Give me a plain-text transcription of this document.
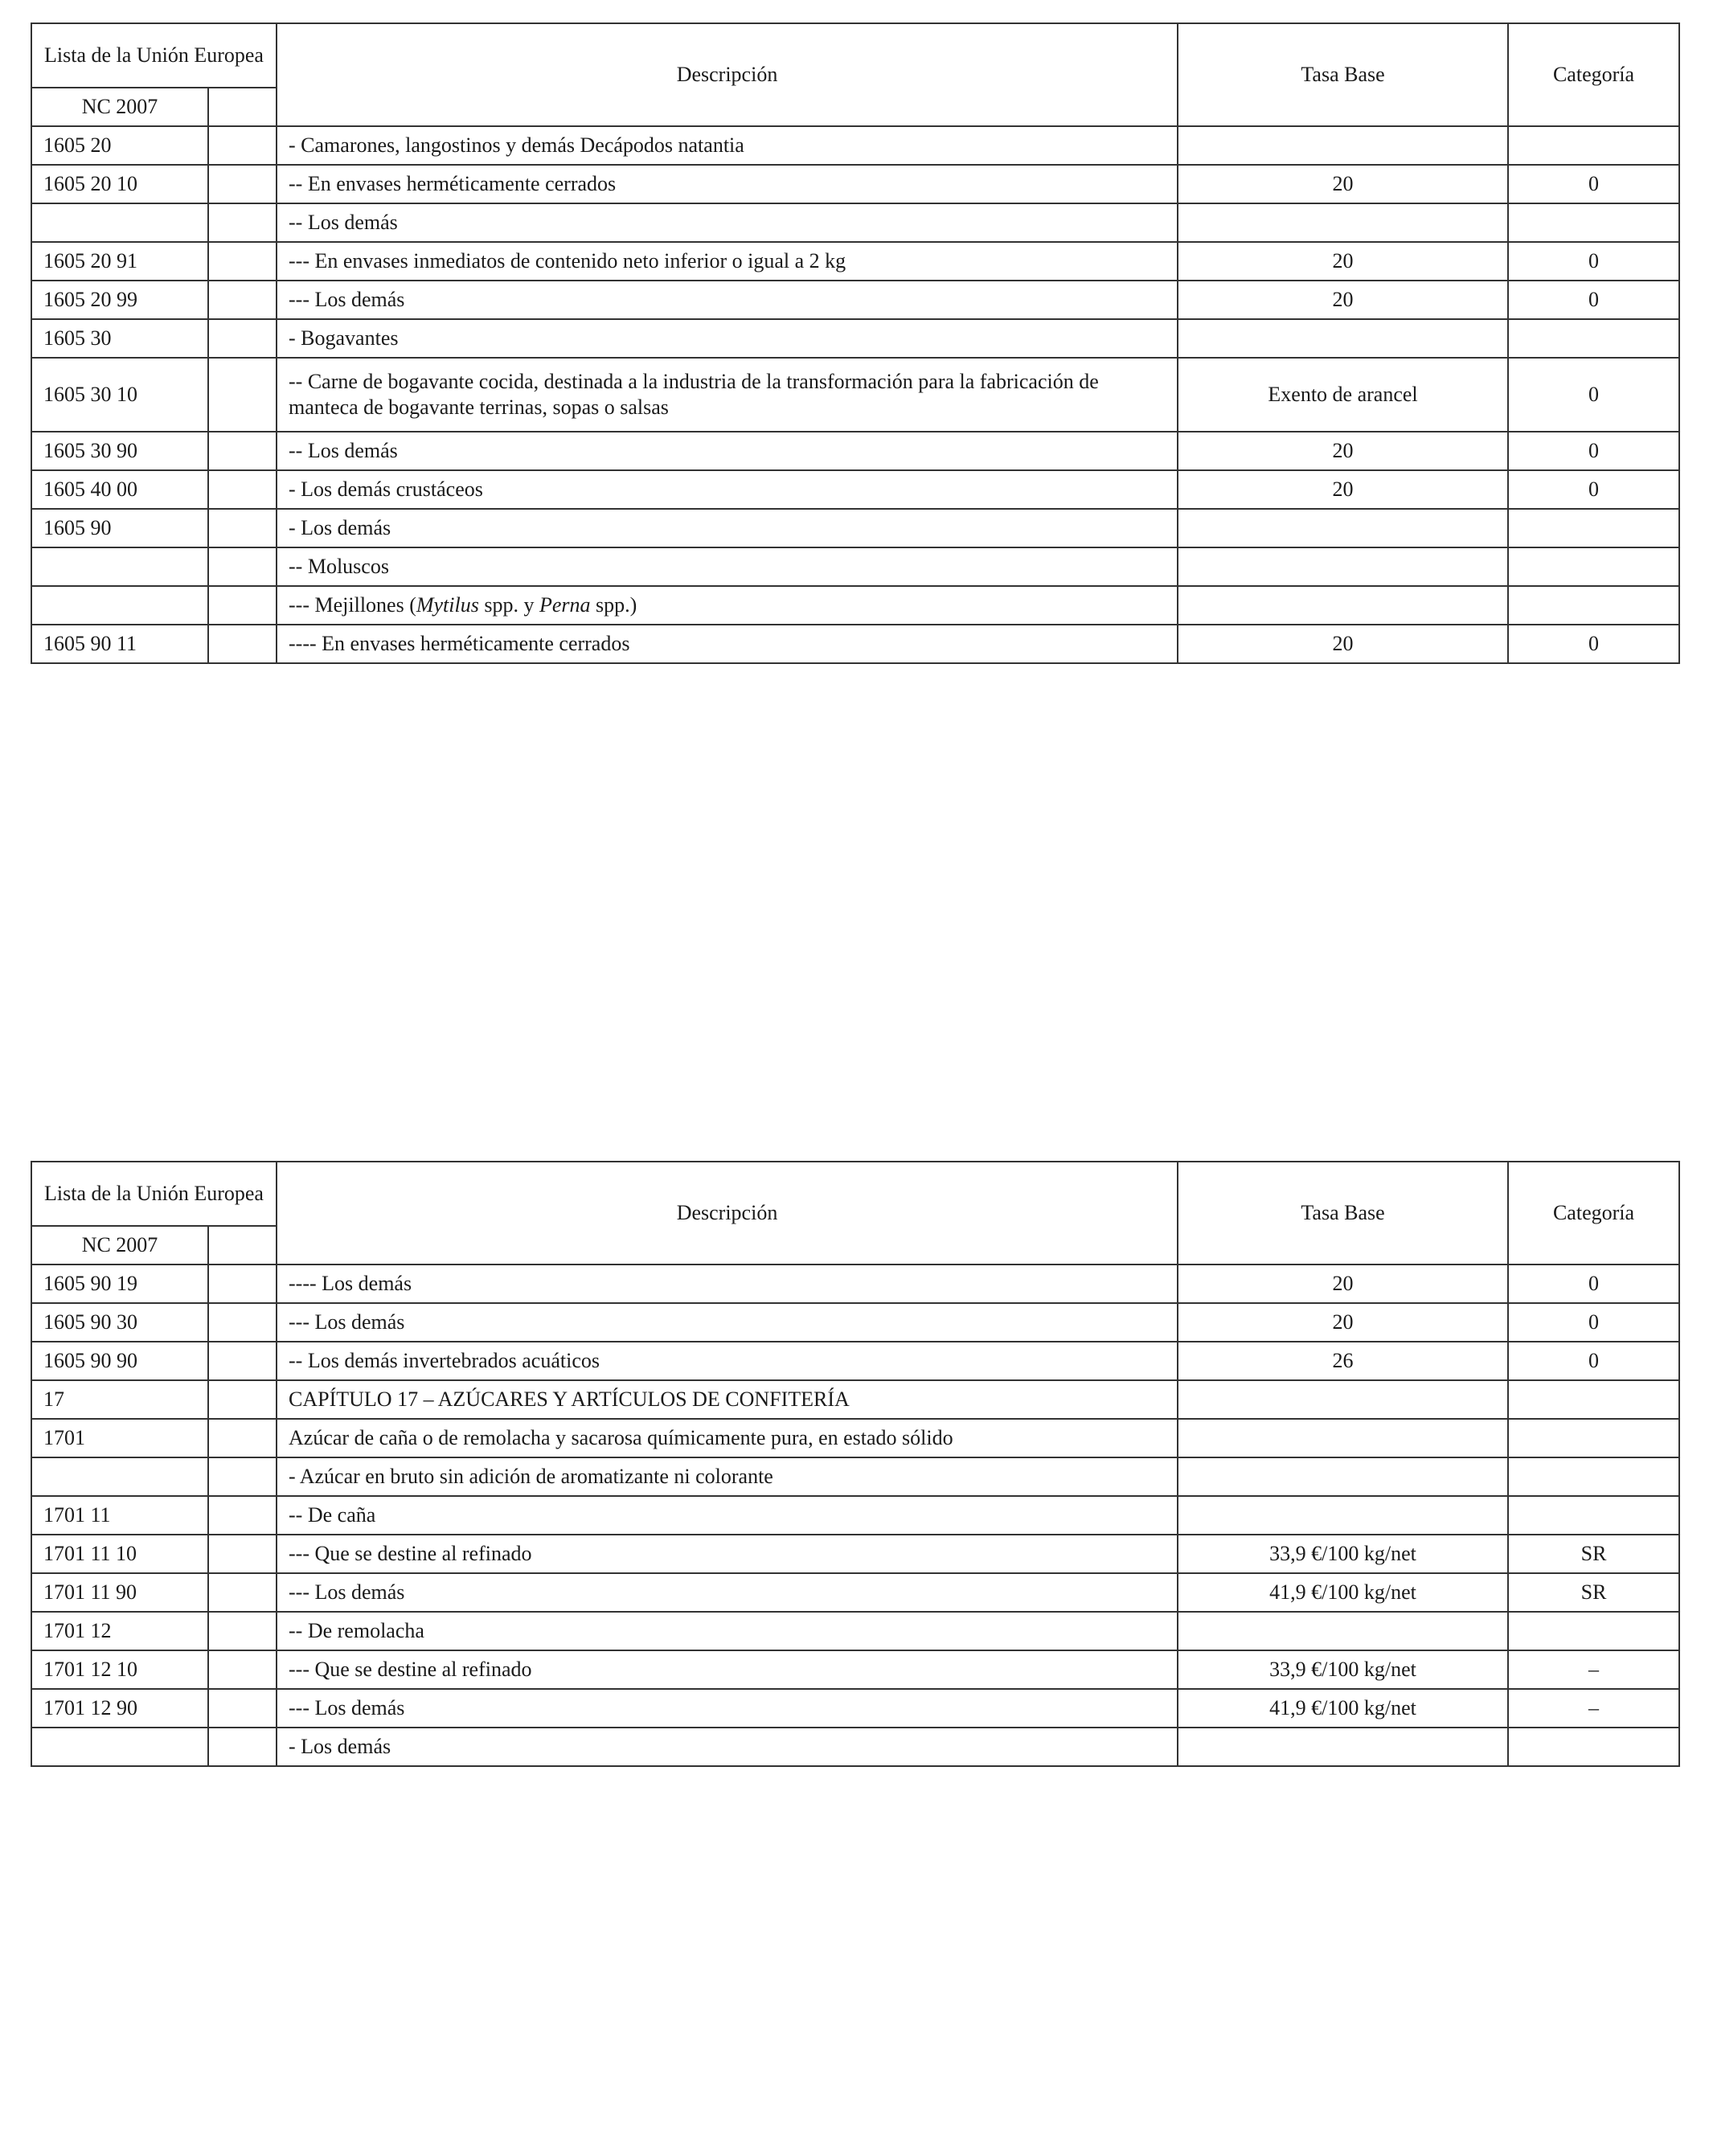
Lista de la Unión Europea		Descripción	Tasa Base	Categoría
NC 2007				
1605 20		- Camarones, langostinos y demás Decápodos natantia		
1605 20 10		-- En envases herméticamente cerrados	20	0
		-- Los demás		
1605 20 91		--- En envases inmediatos de contenido neto inferior o igual a 2 kg	20	0
1605 20 99		--- Los demás	20	0
1605 30		- Bogavantes		
1605 30 10		-- Carne de bogavante cocida, destinada a la industria de la transformación para la fabricación de manteca de bogavante terrinas, sopas o salsas	Exento de arancel	0
1605 30 90		-- Los demás	20	0
1605 40 00		- Los demás crustáceos	20	0
1605 90		- Los demás		
		-- Moluscos		
		--- Mejillones (Mytilus spp. y Perna spp.)		
1605 90 11		---- En envases herméticamente cerrados	20	0
Lista de la Unión Europea		Descripción	Tasa Base	Categoría
NC 2007				
1605 90 19		---- Los demás	20	0
1605 90 30		--- Los demás	20	0
1605 90 90		-- Los demás invertebrados acuáticos	26	0
17		CAPÍTULO 17 – AZÚCARES Y ARTÍCULOS DE CONFITERÍA		
1701		Azúcar de caña o de remolacha y sacarosa químicamente pura, en estado sólido		
		- Azúcar en bruto sin adición de aromatizante ni colorante		
1701 11		-- De caña		
1701 11 10		--- Que se destine al refinado	33,9 €/100 kg/net	SR
1701 11 90		--- Los demás	41,9 €/100 kg/net	SR
1701 12		-- De remolacha		
1701 12 10		--- Que se destine al refinado	33,9 €/100 kg/net	–
1701 12 90		--- Los demás	41,9 €/100 kg/net	–
		- Los demás		
